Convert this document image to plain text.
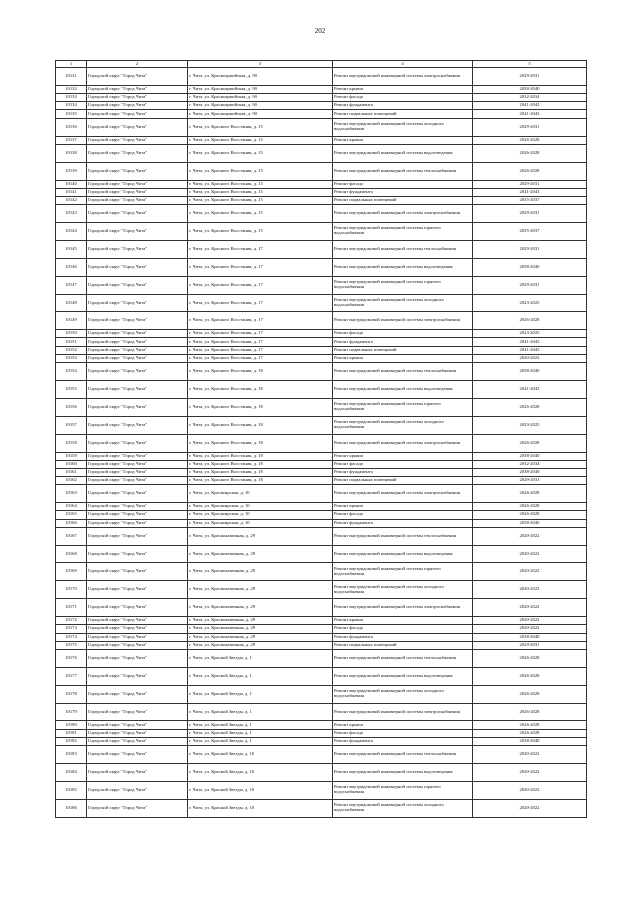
202
1	2	3	4	5
10131	Городской округ "Город Чита"	г. Чита, ул. Красноармейская, д. 90	Ремонт внутридомовой инженерной системы электроснабжения	2029-2031
10132	Городской округ "Город Чита"	г. Чита, ул. Красноармейская, д. 90	Ремонт крыши	2038-2040
10133	Городской округ "Город Чита"	г. Чита, ул. Красноармейская, д. 90	Ремонт фасада	2032-2034
10134	Городской округ "Город Чита"	г. Чита, ул. Красноармейская, д. 90	Ремонт фундамента	2041-2043
10135	Городской округ "Город Чита"	г. Чита, ул. Красноармейская, д. 90	Ремонт подвальных помещений	2041-2043
10136	Городской округ "Город Чита"	г. Чита, ул. Красного Восстания, д. 15	Ремонт внутридомовой инженерной системы холодного водоснабжения	2029-2031
10137	Городской округ "Город Чита"	г. Чита, ул. Красного Восстания, д. 15	Ремонт крыши	2026-2028
10138	Городской округ "Город Чита"	г. Чита, ул. Красного Восстания, д. 15	Ремонт внутридомовой инженерной системы водоотведения	2026-2028
10139	Городской округ "Город Чита"	г. Чита, ул. Красного Восстания, д. 15	Ремонт внутридомовой инженерной системы теплоснабжения	2026-2028
10140	Городской округ "Город Чита"	г. Чита, ул. Красного Восстания, д. 15	Ремонт фасада	2029-2031
10141	Городской округ "Город Чита"	г. Чита, ул. Красного Восстания, д. 15	Ремонт фундамента	2041-2043
10142	Городской округ "Город Чита"	г. Чита, ул. Красного Восстания, д. 15	Ремонт подвальных помещений	2035-2037
10143	Городской округ "Город Чита"	г. Чита, ул. Красного Восстания, д. 15	Ремонт внутридомовой инженерной системы электроснабжения	2029-2031
10144	Городской округ "Город Чита"	г. Чита, ул. Красного Восстания, д. 15	Ремонт внутридомовой инженерной системы горячего водоснабжения	2035-2037
10145	Городской округ "Город Чита"	г. Чита, ул. Красного Восстания, д. 17	Ремонт внутридомовой инженерной системы теплоснабжения	2029-2031
10146	Городской округ "Город Чита"	г. Чита, ул. Красного Восстания, д. 17	Ремонт внутридомовой инженерной системы водоотведения	2038-2040
10147	Городской округ "Город Чита"	г. Чита, ул. Красного Восстания, д. 17	Ремонт внутридомовой инженерной системы горячего водоснабжения	2029-2031
10148	Городской округ "Город Чита"	г. Чита, ул. Красного Восстания, д. 17	Ремонт внутридомовой инженерной системы холодного водоснабжения	2023-2025
10149	Городской округ "Город Чита"	г. Чита, ул. Красного Восстания, д. 17	Ремонт внутридомовой инженерной системы электроснабжения	2026-2028
10150	Городской округ "Город Чита"	г. Чита, ул. Красного Восстания, д. 17	Ремонт фасада	2023-2025
10151	Городской округ "Город Чита"	г. Чита, ул. Красного Восстания, д. 17	Ремонт фундамента	2041-2043
10152	Городской округ "Город Чита"	г. Чита, ул. Красного Восстания, д. 17	Ремонт подвальных помещений	2041-2043
10153	Городской округ "Город Чита"	г. Чита, ул. Красного Восстания, д. 17	Ремонт крыши	2020-2022
10154	Городской округ "Город Чита"	г. Чита, ул. Красного Восстания, д. 18	Ремонт внутридомовой инженерной системы теплоснабжения	2038-2040
10155	Городской округ "Город Чита"	г. Чита, ул. Красного Восстания, д. 18	Ремонт внутридомовой инженерной системы водоотведения	2041-2043
10156	Городской округ "Город Чита"	г. Чита, ул. Красного Восстания, д. 18	Ремонт внутридомовой инженерной системы горячего водоснабжения	2026-2028
10157	Городской округ "Город Чита"	г. Чита, ул. Красного Восстания, д. 18	Ремонт внутридомовой инженерной системы холодного водоснабжения	2023-2025
10158	Городской округ "Город Чита"	г. Чита, ул. Красного Восстания, д. 18	Ремонт внутридомовой инженерной системы электроснабжения	2026-2028
10159	Городской округ "Город Чита"	г. Чита, ул. Красного Восстания, д. 18	Ремонт крыши	2038-2040
10160	Городской округ "Город Чита"	г. Чита, ул. Красного Восстания, д. 18	Ремонт фасада	2032-2034
10161	Городской округ "Город Чита"	г. Чита, ул. Красного Восстания, д. 18	Ремонт фундамента	2038-2040
10162	Городской округ "Город Чита"	г. Чита, ул. Красного Восстания, д. 18	Ремонт подвальных помещений	2029-2031
10163	Городской округ "Город Чита"	г. Чита, ул. Красноярская, д. 10	Ремонт внутридомовой инженерной системы электроснабжения	2026-2028
10164	Городской округ "Город Чита"	г. Чита, ул. Красноярская, д. 10	Ремонт крыши	2026-2028
10165	Городской округ "Город Чита"	г. Чита, ул. Красноярская, д. 10	Ремонт фасада	2026-2028
10166	Городской округ "Город Чита"	г. Чита, ул. Красноярская, д. 10	Ремонт фундамента	2038-2040
10167	Городской округ "Город Чита"	г. Чита, ул. Краснокаменная, д. 29	Ремонт внутридомовой инженерной системы теплоснабжения	2020-2022
10168	Городской округ "Город Чита"	г. Чита, ул. Краснокаменная, д. 29	Ремонт внутридомовой инженерной системы водоотведения	2020-2022
10169	Городской округ "Город Чита"	г. Чита, ул. Краснокаменная, д. 29	Ремонт внутридомовой инженерной системы горячего водоснабжения	2020-2022
10170	Городской округ "Город Чита"	г. Чита, ул. Краснокаменная, д. 29	Ремонт внутридомовой инженерной системы холодного водоснабжения	2020-2022
10171	Городской округ "Город Чита"	г. Чита, ул. Краснокаменная, д. 29	Ремонт внутридомовой инженерной системы электроснабжения	2020-2022
10172	Городской округ "Город Чита"	г. Чита, ул. Краснокаменная, д. 29	Ремонт крыши	2020-2022
10173	Городской округ "Город Чита"	г. Чита, ул. Краснокаменная, д. 29	Ремонт фасада	2020-2022
10174	Городской округ "Город Чита"	г. Чита, ул. Краснокаменная, д. 29	Ремонт фундамента	2038-2040
10175	Городской округ "Город Чита"	г. Чита, ул. Краснокаменная, д. 29	Ремонт подвальных помещений	2029-2031
10176	Городской округ "Город Чита"	г. Чита, ул. Красной Звезды, д. 1	Ремонт внутридомовой инженерной системы теплоснабжения	2026-2028
10177	Городской округ "Город Чита"	г. Чита, ул. Красной Звезды, д. 1	Ремонт внутридомовой инженерной системы водоотведения	2026-2028
10178	Городской округ "Город Чита"	г. Чита, ул. Красной Звезды, д. 1	Ремонт внутридомовой инженерной системы холодного водоснабжения	2026-2028
10179	Городской округ "Город Чита"	г. Чита, ул. Красной Звезды, д. 1	Ремонт внутридомовой инженерной системы электроснабжения	2026-2028
10180	Городской округ "Город Чита"	г. Чита, ул. Красной Звезды, д. 1	Ремонт крыши	2026-2028
10181	Городской округ "Город Чита"	г. Чита, ул. Красной Звезды, д. 1	Ремонт фасада	2026-2028
10182	Городской округ "Город Чита"	г. Чита, ул. Красной Звезды, д. 1	Ремонт фундамента	2038-2040
10183	Городской округ "Город Чита"	г. Чита, ул. Красной Звезды, д. 10	Ремонт внутридомовой инженерной системы теплоснабжения	2020-2022
10184	Городской округ "Город Чита"	г. Чита, ул. Красной Звезды, д. 10	Ремонт внутридомовой инженерной системы водоотведения	2020-2022
10185	Городской округ "Город Чита"	г. Чита, ул. Красной Звезды, д. 10	Ремонт внутридомовой инженерной системы горячего водоснабжения	2020-2022
10186	Городской округ "Город Чита"	г. Чита, ул. Красной Звезды, д. 10	Ремонт внутридомовой инженерной системы холодного водоснабжения	2020-2022
